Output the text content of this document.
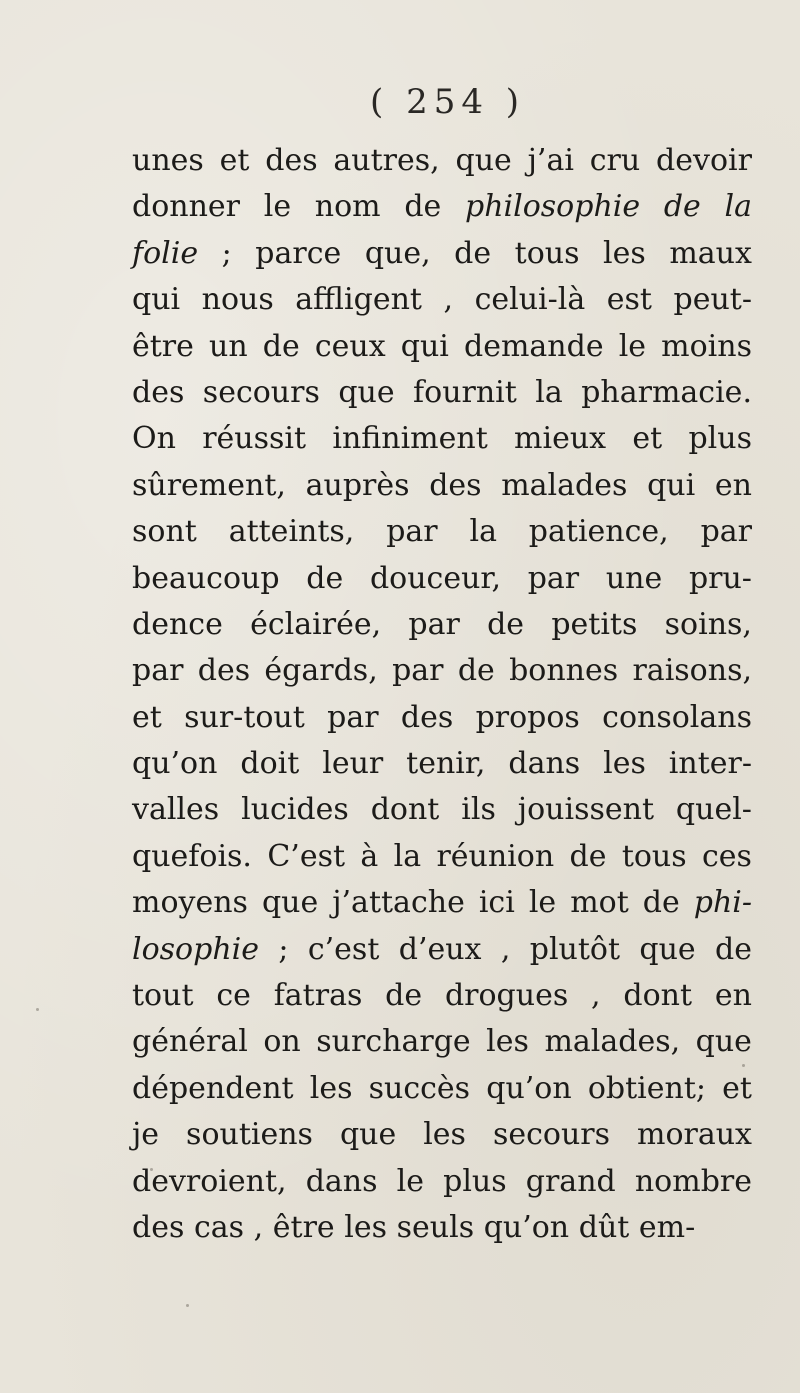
( 254 )
unes et des autres, que j’ai cru devoir
donner le nom de philosophie de la
folie ; parce que, de tous les maux
qui nous affligent , celui-là est peut-
être un de ceux qui demande le moins
des secours que fournit la pharmacie.
On réussit infiniment mieux et plus
sûrement, auprès des malades qui en
sont atteints, par la patience, par
beaucoup de douceur, par une pru-
dence éclairée, par de petits soins,
par des égards, par de bonnes raisons,
et sur-tout par des propos consolans
qu’on doit leur tenir, dans les inter-
valles lucides dont ils jouissent quel-
quefois. C’est à la réunion de tous ces
moyens que j’attache ici le mot de phi-
losophie ; c’est d’eux , plutôt que de
tout ce fatras de drogues , dont en
général on surcharge les malades, que
dépendent les succès qu’on obtient; et
je soutiens que les secours moraux
devroient, dans le plus grand nombre
des cas , être les seuls qu’on dût em-
